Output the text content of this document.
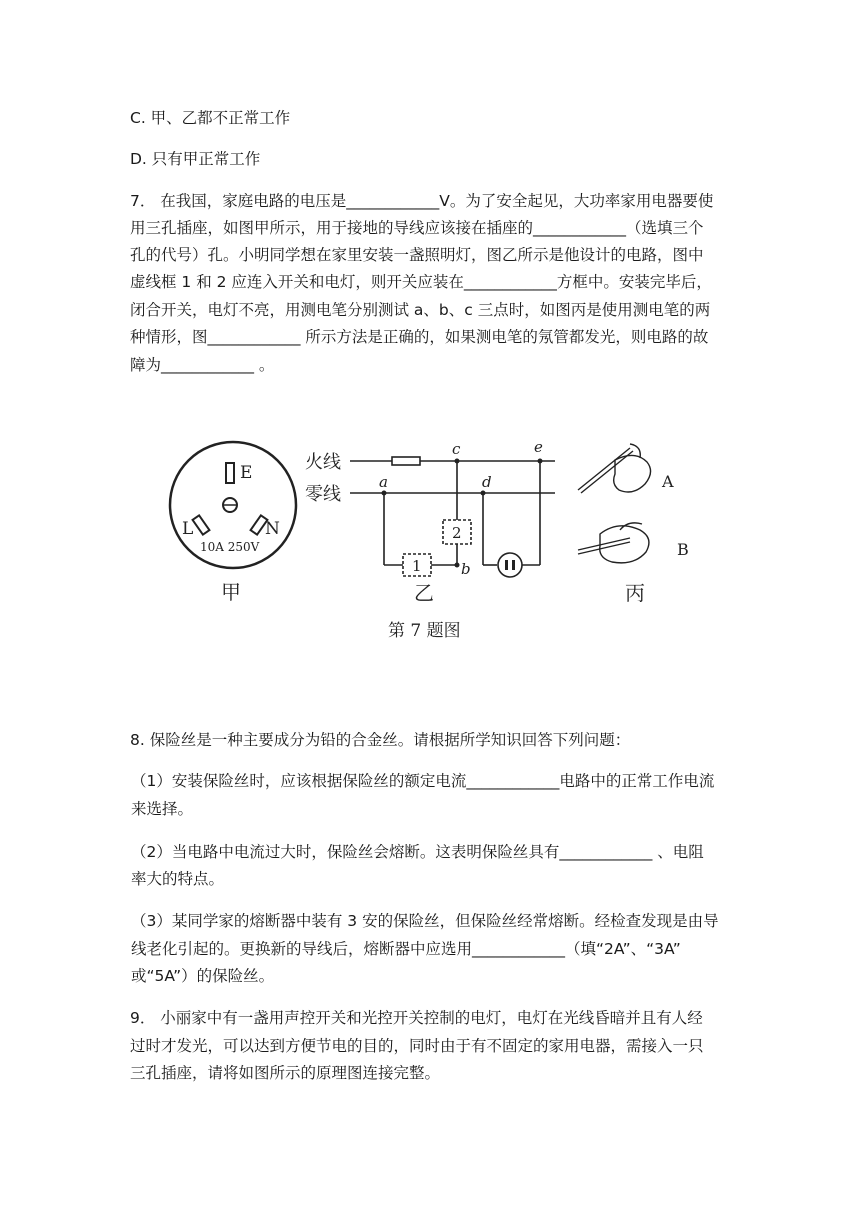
C. 甲、乙都不正常工作
D. 只有甲正常工作
7． 在我国，家庭电路的电压是____________V。为了安全起见，大功率家用电器要使
用三孔插座，如图甲所示，用于接地的导线应该接在插座的____________（选填三个
孔的代号）孔。小明同学想在家里安装一盏照明灯，图乙所示是他设计的电路，图中
虚线框 1 和 2 应连入开关和电灯，则开关应装在____________方框中。安装完毕后，
闭合开关，电灯不亮，用测电笔分别测试 a、b、c 三点时，如图丙是使用测电笔的两
种情形，图____________ 所示方法是正确的，如果测电笔的氖管都发光，则电路的故
障为____________ 。
E
L	N
10A 250V
甲
火线
零线
a
c
b
d
e
1
2
乙
A
B
丙
第 7 题图
8. 保险丝是一种主要成分为铅的合金丝。请根据所学知识回答下列问题：
（1）安装保险丝时，应该根据保险丝的额定电流____________电路中的正常工作电流
来选择。
（2）当电路中电流过大时，保险丝会熔断。这表明保险丝具有____________ 、电阻
率大的特点。
（3）某同学家的熔断器中装有 3 安的保险丝，但保险丝经常熔断。经检查发现是由导
线老化引起的。更换新的导线后，熔断器中应选用____________（填“2A”、“3A”
或“5A”）的保险丝。
9． 小丽家中有一盏用声控开关和光控开关控制的电灯，电灯在光线昏暗并且有人经
过时才发光，可以达到方便节电的目的，同时由于有不固定的家用电器，需接入一只
三孔插座，请将如图所示的原理图连接完整。
